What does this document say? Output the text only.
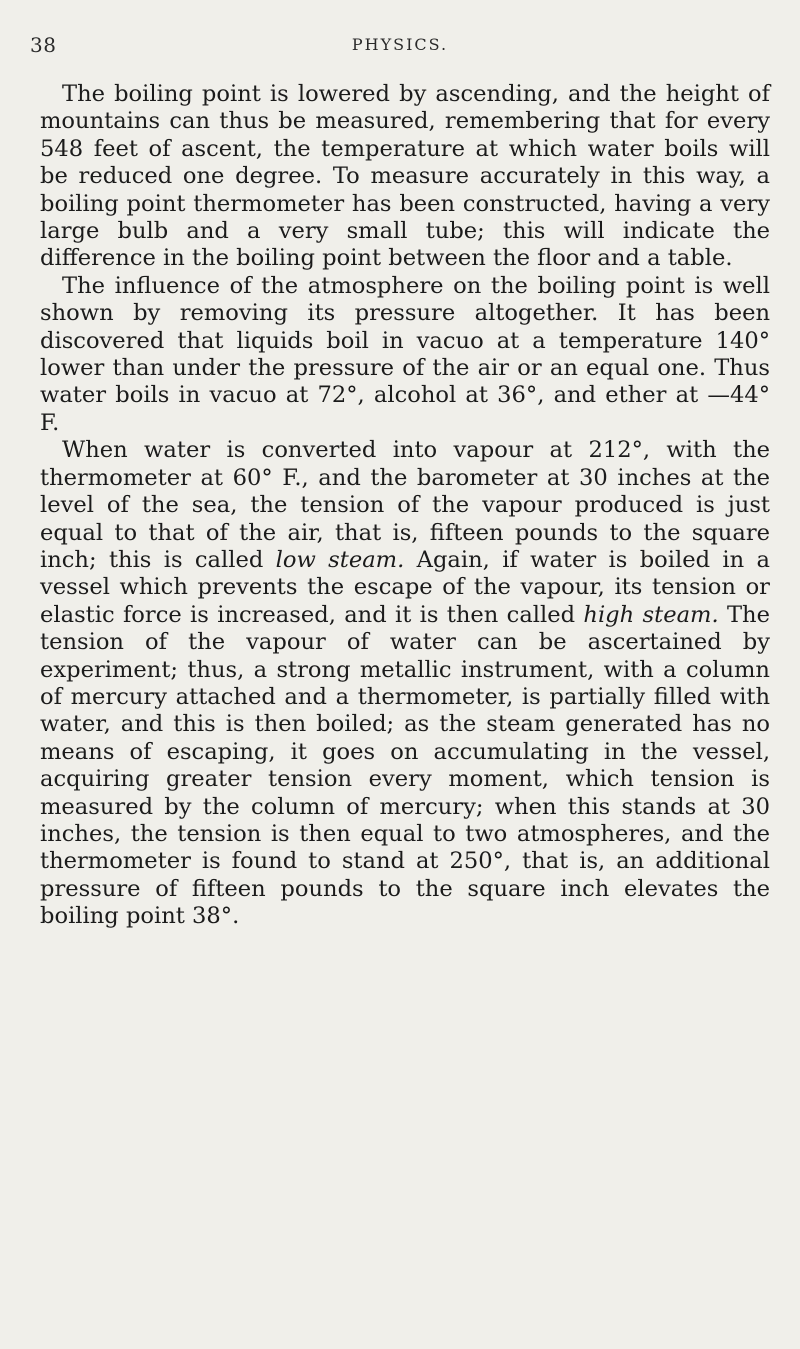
38	PHYSICS.

The boiling point is lowered by ascending, and the height of mountains can thus be measured, remembering that for every 548 feet of ascent, the temperature at which water boils will be reduced one degree. To measure accurately in this way, a boiling point thermometer has been constructed, having a very large bulb and a very small tube; this will indicate the difference in the boiling point between the floor and a table.

The influence of the atmosphere on the boiling point is well shown by removing its pressure altogether. It has been discovered that liquids boil in vacuo at a temperature 140° lower than under the pressure of the air or an equal one. Thus water boils in vacuo at 72°, alcohol at 36°, and ether at —44° F.

When water is converted into vapour at 212°, with the thermometer at 60° F., and the barometer at 30 inches at the level of the sea, the tension of the vapour produced is just equal to that of the air, that is, fifteen pounds to the square inch; this is called low steam. Again, if water is boiled in a vessel which prevents the escape of the vapour, its tension or elastic force is increased, and it is then called high steam. The tension of the vapour of water can be ascertained by experiment; thus, a strong metallic instrument, with a column of mercury attached and a thermometer, is partially filled with water, and this is then boiled; as the steam generated has no means of escaping, it goes on accumulating in the vessel, acquiring greater tension every moment, which tension is measured by the column of mercury; when this stands at 30 inches, the tension is then equal to two atmospheres, and the thermometer is found to stand at 250°, that is, an additional pressure of fifteen pounds to the square inch elevates the boiling point 38°.
